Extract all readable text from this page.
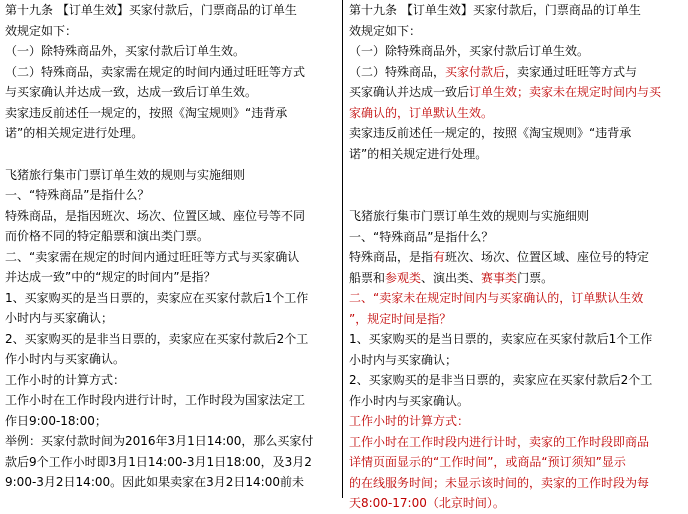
第十九条 【订单生效】买家付款后，门票商品的订单生

效规定如下：

（一）除特殊商品外，买家付款后订单生效。

（二）特殊商品，卖家需在规定的时间内通过旺旺等方式

与买家确认并达成一致，达成一致后订单生效。

卖家违反前述任一规定的，按照《淘宝规则》“违背承

诺”的相关规定进行处理。

飞猪旅行集市门票订单生效的规则与实施细则

一、“特殊商品”是指什么？

特殊商品，是指因班次、场次、位置区域、座位号等不同

而价格不同的特定船票和演出类门票。

二、“卖家需在规定的时间内通过旺旺等方式与买家确认

并达成一致”中的“规定的时间内”是指？

1、买家购买的是当日票的，卖家应在买家付款后1个工作

小时内与买家确认；

2、买家购买的是非当日票的，卖家应在买家付款后2个工

作小时内与买家确认。

工作小时的计算方式：

工作小时在工作时段内进行计时，工作时段为国家法定工

作日9:00-18:00；

举例：买家付款时间为2016年3月1日14:00，那么买家付

款后9个工作小时即3月1日14:00-3月1日18:00，及3月2

9:00-3月2日14:00。因此如果卖家在3月2日14:00前未

第十九条 【订单生效】买家付款后，门票商品的订单生

效规定如下：

（一）除特殊商品外，买家付款后订单生效。

（二）特殊商品，买家付款后，卖家通过旺旺等方式与

买家确认并达成一致后订单生效；卖家未在规定时间内与买

家确认的，订单默认生效。

卖家违反前述任一规定的，按照《淘宝规则》“违背承

诺”的相关规定进行处理。

飞猪旅行集市门票订单生效的规则与实施细则

一、“特殊商品”是指什么？

特殊商品，是指有班次、场次、位置区域、座位号的特定

船票和参观类、演出类、赛事类门票。

二、“卖家未在规定时间内与买家确认的，订单默认生效

”，规定时间是指？

1、买家购买的是当日票的，卖家应在买家付款后1个工作

小时内与买家确认；

2、买家购买的是非当日票的，卖家应在买家付款后2个工

作小时内与买家确认。

工作小时的计算方式：

工作小时在工作时段内进行计时，卖家的工作时段即商品

详情页面显示的“工作时间”，或商品“预订须知”显示

的在线服务时间；未显示该时间的，卖家的工作时段为每

天8:00-17:00（北京时间）。
